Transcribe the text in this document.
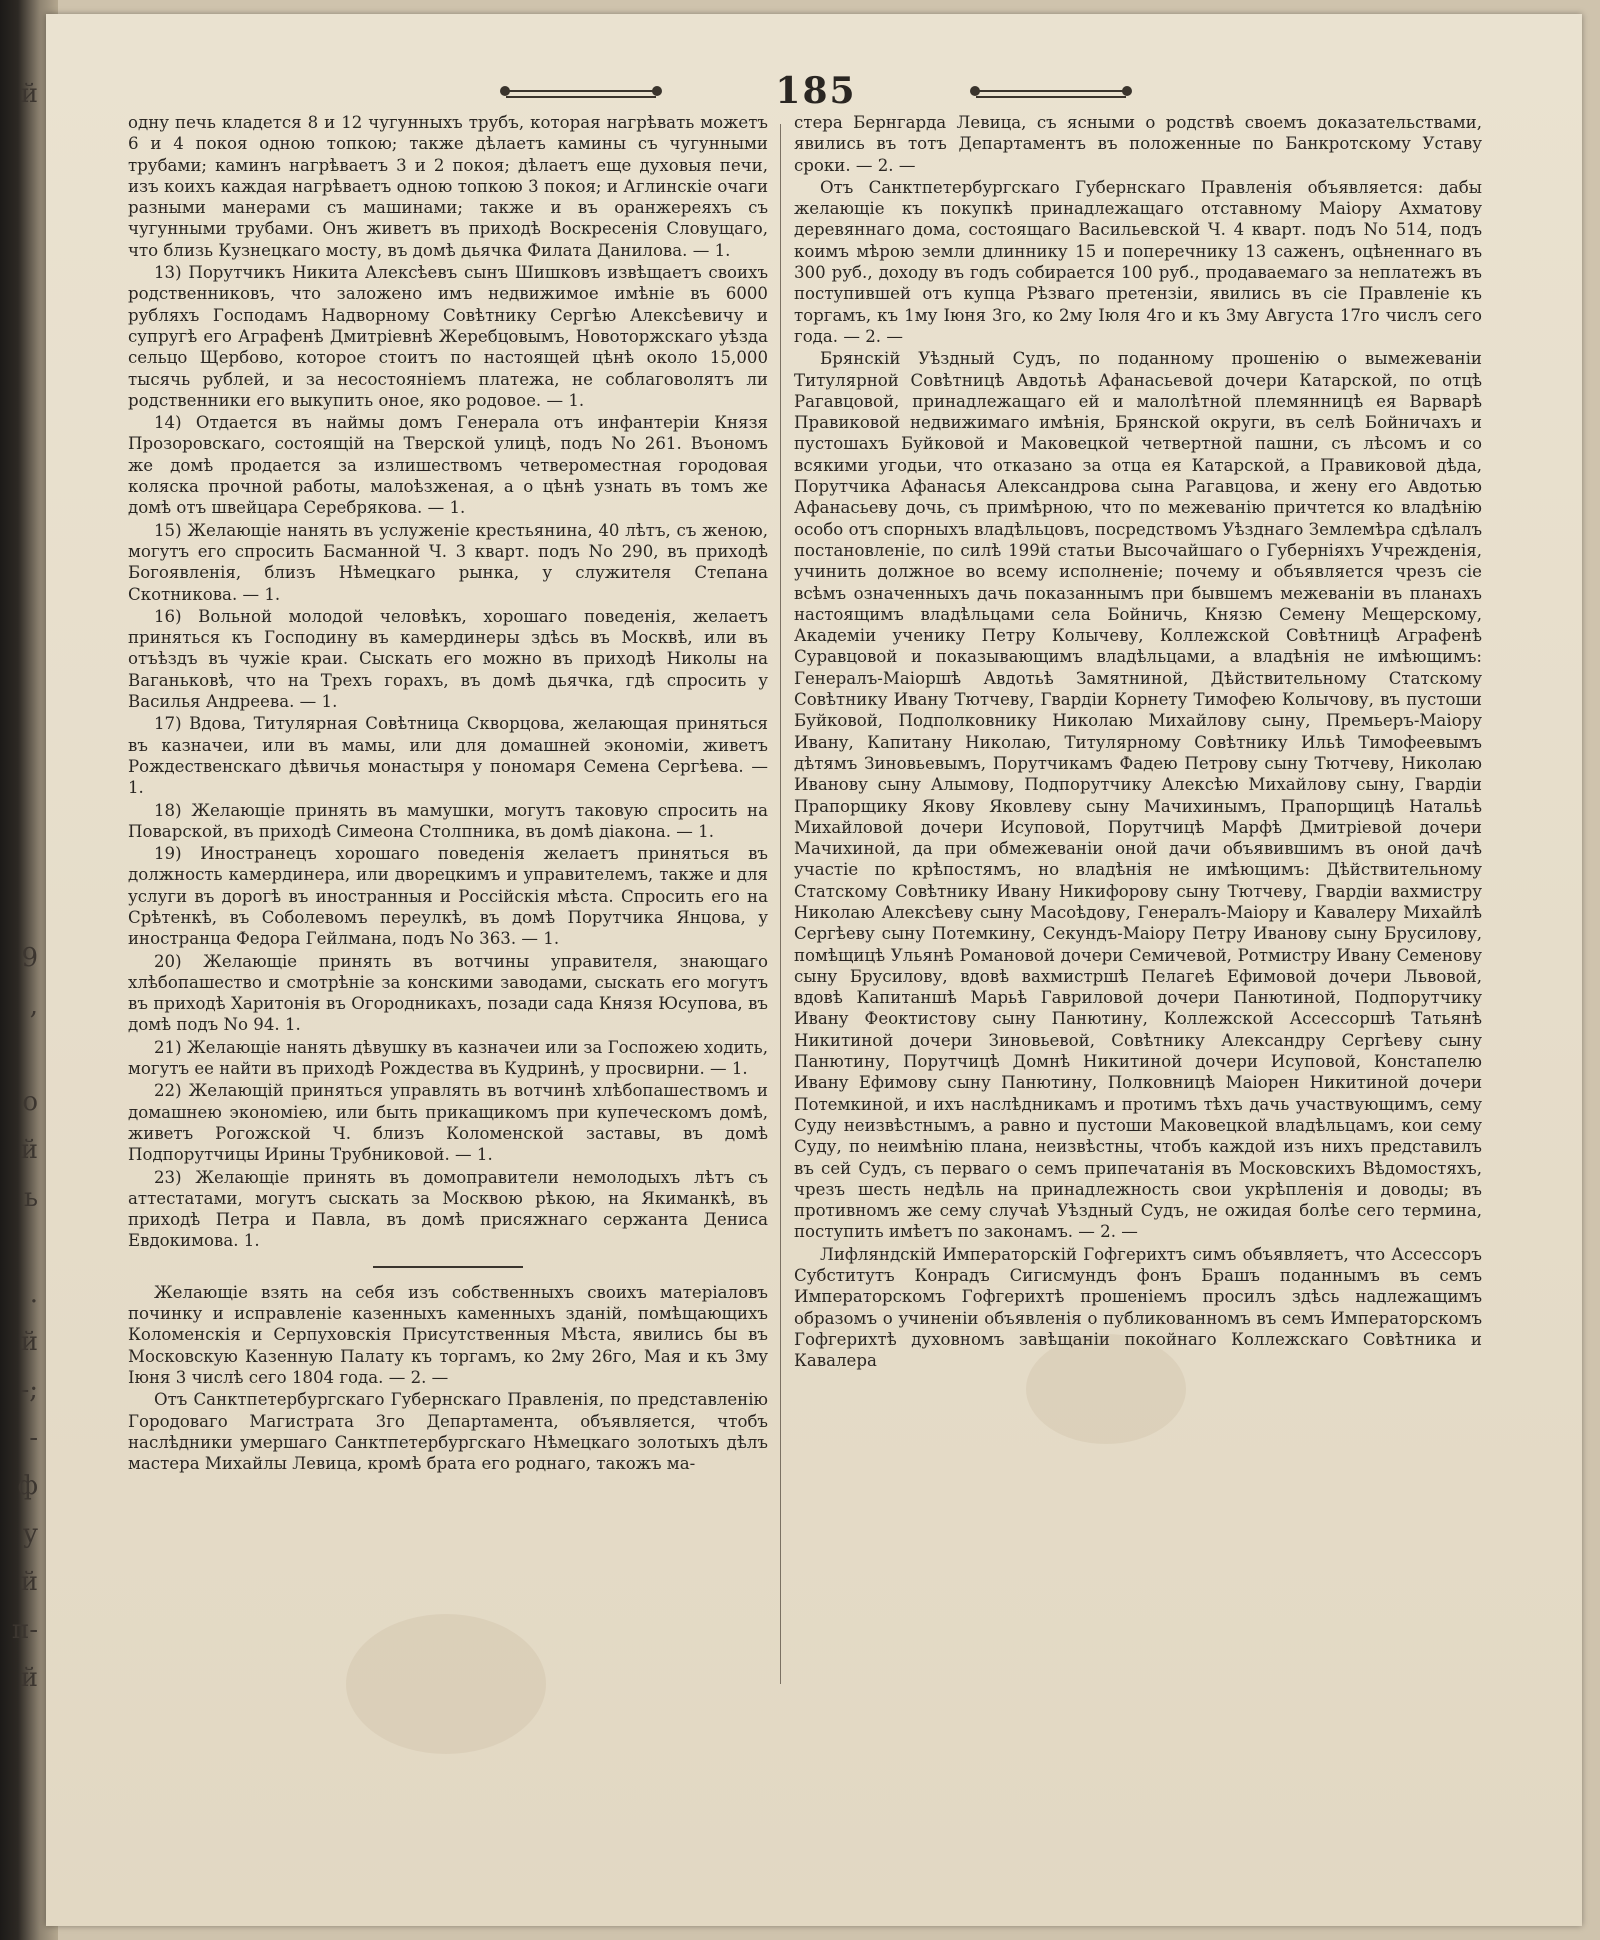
й
9
,
о
й
ь
.
й
-;
-
ф
у
й
п-
й
185

одну печь кладется 8 и 12 чугунныхъ трубъ, которая нагрѣвать можетъ 6 и 4 покоя одною топкою; также дѣлаетъ камины съ чугунными трубами; каминъ нагрѣваетъ 3 и 2 покоя; дѣлаетъ еще духовыя печи, изъ коихъ каждая нагрѣваетъ одною топкою 3 покоя; и Аглинскіе очаги разными манерами съ машинами; также и въ оранжереяхъ съ чугунными трубами. Онъ живетъ въ приходѣ Воскресенія Словущаго, что близь Кузнецкаго мосту, въ домѣ дьячка Филата Данилова. — 1.

13) Порутчикъ Никита Алексѣевъ сынъ Шишковъ извѣщаетъ своихъ родственниковъ, что заложено имъ недвижимое имѣніе въ 6000 рубляхъ Господамъ Надворному Совѣтнику Сергѣю Алексѣевичу и супругѣ его Аграфенѣ Дмитріевнѣ Жеребцовымъ, Новоторжскаго уѣзда сельцо Щербово, которое стоитъ по настоящей цѣнѣ около 15,000 тысячь рублей, и за несостоянiемъ платежа, не соблаговолятъ ли родственники его выкупить оное, яко родовое. — 1.

14) Отдается въ наймы домъ Генерала отъ инфантеріи Князя Прозоровскаго, состоящій на Тверской улицѣ, подъ No 261. Въономъ же домѣ продается за излишествомъ четвероместная городовая коляска прочной работы, малоѣзженая, а о цѣнѣ узнать въ томъ же домѣ отъ швейцара Серебрякова. — 1.

15) Желающіе нанять въ услуженіе крестьянина, 40 лѣтъ, съ женою, могутъ его спросить Басманной Ч. 3 кварт. подъ No 290, въ приходѣ Богоявленія, близъ Нѣмецкаго рынка, у служителя Степана Скотникова. — 1.

16) Вольной молодой человѣкъ, хорошаго поведенія, желаетъ приняться къ Господину въ камердинеры здѣсь въ Москвѣ, или въ отъѣздъ въ чужіе краи. Сыскать его можно въ приходѣ Николы на Ваганьковѣ, что на Трехъ горахъ, въ домѣ дьячка, гдѣ спросить у Василья Андреева. — 1.

17) Вдова, Титулярная Совѣтница Скворцова, желающая приняться въ казначеи, или въ мамы, или для домашней экономіи, живетъ Рождественскаго дѣвичья монастыря у пономаря Семена Сергѣева. — 1.

18) Желающіе принять въ мамушки, могутъ таковую спросить на Поварской, въ приходѣ Симеона Столпника, въ домѣ діакона. — 1.

19) Иностранецъ хорошаго поведенія желаетъ приняться въ должность камердинера, или дворецкимъ и управителемъ, также и для услуги въ дорогѣ въ иностранныя и Россійскія мѣста. Спросить его на Срѣтенкѣ, въ Соболевомъ переулкѣ, въ домѣ Порутчика Янцова, у иностранца Федора Гейлмана, подъ No 363. — 1.

20) Желающіе принять въ вотчины управителя, знающаго хлѣбопашество и смотрѣніе за конскими заводами, сыскать его могутъ въ приходѣ Харитонія въ Огородникахъ, позади сада Князя Юсупова, въ домѣ подъ No 94. 1.

21) Желающіе нанять дѣвушку въ казначеи или за Госпожею ходить, могутъ ее найти въ приходѣ Рождества въ Кудринѣ, у просвирни. — 1.

22) Желающій приняться управлять въ вотчинѣ хлѣбопашествомъ и домашнею экономіею, или быть прикащикомъ при купеческомъ домѣ, живетъ Рогожской Ч. близъ Коломенской заставы, въ домѣ Подпорутчицы Ирины Трубниковой. — 1.

23) Желающіе принять въ домоправители немолодыхъ лѣтъ съ аттестатами, могутъ сыскать за Москвою рѣкою, на Якиманкѣ, въ приходѣ Петра и Павла, въ домѣ присяжнаго сержанта Дениса Евдокимова. 1.

Желающіе взять на себя изъ собственныхъ своихъ матеріаловъ починку и исправленіе казенныхъ каменныхъ зданій, помѣщающихъ Коломенскія и Серпуховскія Присутственныя Мѣста, явились бы въ Московскую Казенную Палату къ торгамъ, ко 2му 26го, Мая и къ 3му Іюня 3 числѣ сего 1804 года. — 2. —

Отъ Санктпетербургскаго Губернскаго Правленія, по представленію Городоваго Магистрата 3го Департамента, объявляется, чтобъ наслѣдники умершаго Санктпетербургскаго Нѣмецкаго золотыхъ дѣлъ мастера Михайлы Левица, кромѣ брата его роднаго, такожъ ма-

стера Бернгарда Левица, съ ясными о родствѣ своемъ доказательствами, явились въ тотъ Департаментъ въ положенные по Банкротскому Уставу сроки. — 2. —

Отъ Санктпетербургскаго Губернскаго Правленія объявляется: дабы желающіе къ покупкѣ принадлежащаго отставному Маіору Ахматову деревяннаго дома, состоящаго Васильевской Ч. 4 кварт. подъ No 514, подъ коимъ мѣрою земли длиннику 15 и поперечнику 13 саженъ, оцѣненнаго въ 300 руб., доходу въ годъ собирается 100 руб., продаваемаго за неплатежъ въ поступившей отъ купца Рѣзваго претензіи, явились въ сіе Правленіе къ торгамъ, къ 1му Іюня 3го, ко 2му Іюля 4го и къ 3му Августа 17го числъ сего года. — 2. —

Брянскій Уѣздный Судъ, по поданному прошенію о вымежеваніи Титулярной Совѣтницѣ Авдотьѣ Афанасьевой дочери Катарской, по отцѣ Рагавцовой, принадлежащаго ей и малолѣтной племянницѣ ея Варварѣ Правиковой недвижимаго имѣнія, Брянской округи, въ селѣ Бойничахъ и пустошахъ Буйковой и Маковецкой четвертной пашни, съ лѣсомъ и со всякими угодьи, что отказано за отца ея Катарской, а Правиковой дѣда, Порутчика Афанасья Александрова сына Рагавцова, и жену его Авдотью Афанасьеву дочь, съ примѣрною, что по межеванію причтется ко владѣнію особо отъ спорныхъ владѣльцовъ, посредствомъ Уѣзднаго Землемѣра сдѣлалъ постановленіе, по силѣ 199й статьи Высочайшаго о Губерніяхъ Учрежденія, учинить должное во всему исполненіе; почему и объявляется чрезъ сіе всѣмъ означенныхъ дачь показаннымъ при бывшемъ межеваніи въ планахъ настоящимъ владѣльцами села Бойничь, Князю Семену Мещерскому, Академіи ученику Петру Колычеву, Коллежской Совѣтницѣ Аграфенѣ Суравцовой и показывающимъ владѣльцами, а владѣнія не имѣющимъ: Генералъ-Маіоршѣ Авдотьѣ Замятниной, Дѣйствительному Статскому Совѣтнику Ивану Тютчеву, Гвардіи Корнету Тимофею Колычову, въ пустоши Буйковой, Подполковнику Николаю Михайлову сыну, Премьеръ-Маіору Ивану, Капитану Николаю, Титулярному Совѣтнику Ильѣ Тимофеевымъ дѣтямъ Зиновьевымъ, Порутчикамъ Фадею Петрову сыну Тютчеву, Николаю Иванову сыну Алымову, Подпорутчику Алексѣю Михайлову сыну, Гвардіи Прапорщику Якову Яковлеву сыну Мачихинымъ, Прапорщицѣ Натальѣ Михайловой дочери Исуповой, Порутчицѣ Марфѣ Дмитріевой дочери Мачихиной, да при обмежеваніи оной дачи объявившимъ въ оной дачѣ участіе по крѣпостямъ, но владѣнія не имѣющимъ: Дѣйствительному Статскому Совѣтнику Ивану Никифорову сыну Тютчеву, Гвардіи вахмистру Николаю Алексѣеву сыну Масоѣдову, Генералъ-Маіору и Кавалеру Михайлѣ Сергѣеву сыну Потемкину, Секундъ-Маіору Петру Иванову сыну Брусилову, помѣщицѣ Ульянѣ Романовой дочери Семичевой, Ротмистру Ивану Семенову сыну Брусилову, вдовѣ вахмистршѣ Пелагеѣ Ефимовой дочери Львовой, вдовѣ Капитаншѣ Марьѣ Гавриловой дочери Панютиной, Подпорутчику Ивану Феоктистову сыну Панютину, Коллежской Ассессоршѣ Татьянѣ Никитиной дочери Зиновьевой, Совѣтнику Александру Сергѣеву сыну Панютину, Порутчицѣ Домнѣ Никитиной дочери Исуповой, Констапелю Ивану Ефимову сыну Панютину, Полковницѣ Маіорен Никитиной дочери Потемкиной, и ихъ наслѣдникамъ и протимъ тѣхъ дачь участвующимъ, сему Суду неизвѣстнымъ, а равно и пустоши Маковецкой владѣльцамъ, кои сему Суду, по неимѣнію плана, неизвѣстны, чтобъ каждой изъ нихъ представилъ въ сей Судъ, съ перваго о семъ припечатанія въ Московскихъ Вѣдомостяхъ, чрезъ шесть недѣль на принадлежность свои укрѣпленія и доводы; въ противномъ же сему случаѣ Уѣздный Судъ, не ожидая болѣе сего термина, поступить имѣетъ по законамъ. — 2. —

Лифляндскій Императорскій Гофгерихтъ симъ объявляетъ, что Ассессоръ Субститутъ Конрадъ Сигисмундъ фонъ Брашъ поданнымъ въ семъ Императорскомъ Гофгерихтѣ прошеніемъ просилъ здѣсь надлежащимъ образомъ о учиненіи объявленія о публикованномъ въ семъ Императорскомъ Гофгерихтѣ духовномъ завѣщаніи покойнаго Коллежскаго Совѣтника и Кавалера
